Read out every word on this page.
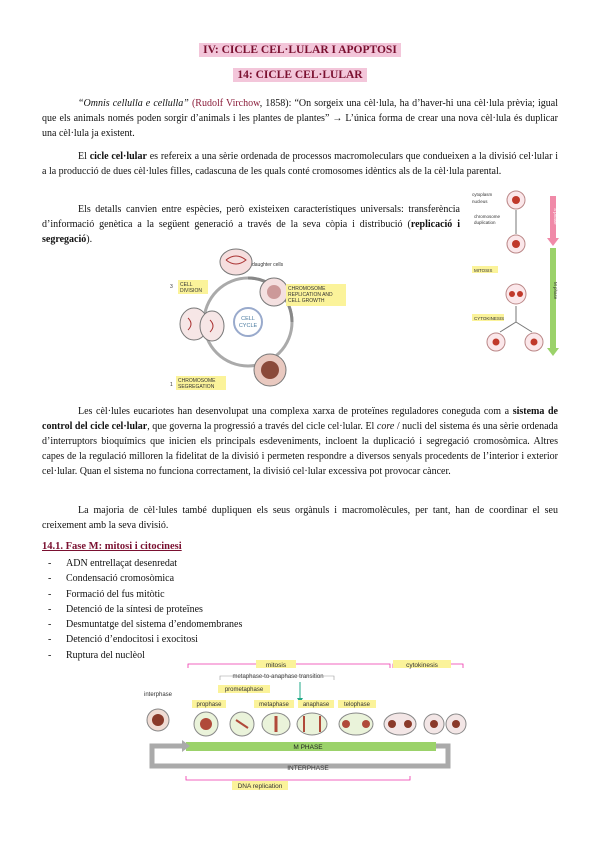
IV: CICLE CEL·LULAR I APOPTOSI
14: CICLE CEL·LULAR
“Omnis cellulla e cellulla” (Rudolf Virchow, 1858): “On sorgeix una cèl·lula, ha d’haver-hi una cèl·lula prèvia; igual que els animals només poden sorgir d’animals i les plantes de plantes” → L’única forma de crear una nova cèl·lula és duplicar una cèl·lula ja existent.
El cicle cel·lular es refereix a una sèrie ordenada de processos macromoleculars que condueixen a la divisió cel·lular i a la producció de dues cèl·lules filles, cadascuna de les quals conté cromosomes idèntics als de la cèl·lula parental.
Els detalls canvien entre espècies, però existeixen característiques universals: transferència d’informació genètica a la següent generació a través de la seva còpia i distribució (replicació i segregació).
CELL
CYCLE
daughter cells
CELL
DIVISION
3	CHROMOSOME
REPLICATION AND
CELL GROWTH
CHROMOSOME
SEGREGATION
1
cytoplasm
nucleus
chromosome
duplication
MITOSIS
CYTOKINESIS
S phase
M phase
Les cèl·lules eucariotes han desenvolupat una complexa xarxa de proteïnes reguladores coneguda com a sistema de control del cicle cel·lular, que governa la progressió a través del cicle cel·lular. El core / nucli del sistema és una sèrie ordenada d’interruptors bioquímics que inicien els principals esdeveniments, incloent la duplicació i segregació cromosòmica. Altres capes de la regulació milloren la fidelitat de la divisió i permeten respondre a diversos senyals procedents de l’interior i exterior cel·lular. Quan el sistema no funciona correctament, la divisió cel·lular excessiva pot provocar càncer.
La majoria de cèl·lules també dupliquen els seus orgànuls i macromolècules, per tant, han de coordinar el seu creixement amb la seva divisió.
14.1. Fase M: mitosi i citocinesi
- ADN entrellaçat desenredat
- Condensació cromosòmica
- Formació del fus mitòtic
- Detenció de la síntesi de proteïnes
- Desmuntatge del sistema d’endomembranes
- Detenció d’endocitosi i exocitosi
- Ruptura del nuclèol
mitosis	cytokinesis
metaphase-to-anaphase transition
interphase
prometaphase
prophase	metaphase anaphase telophase
M PHASE
INTERPHASE
DNA replication
